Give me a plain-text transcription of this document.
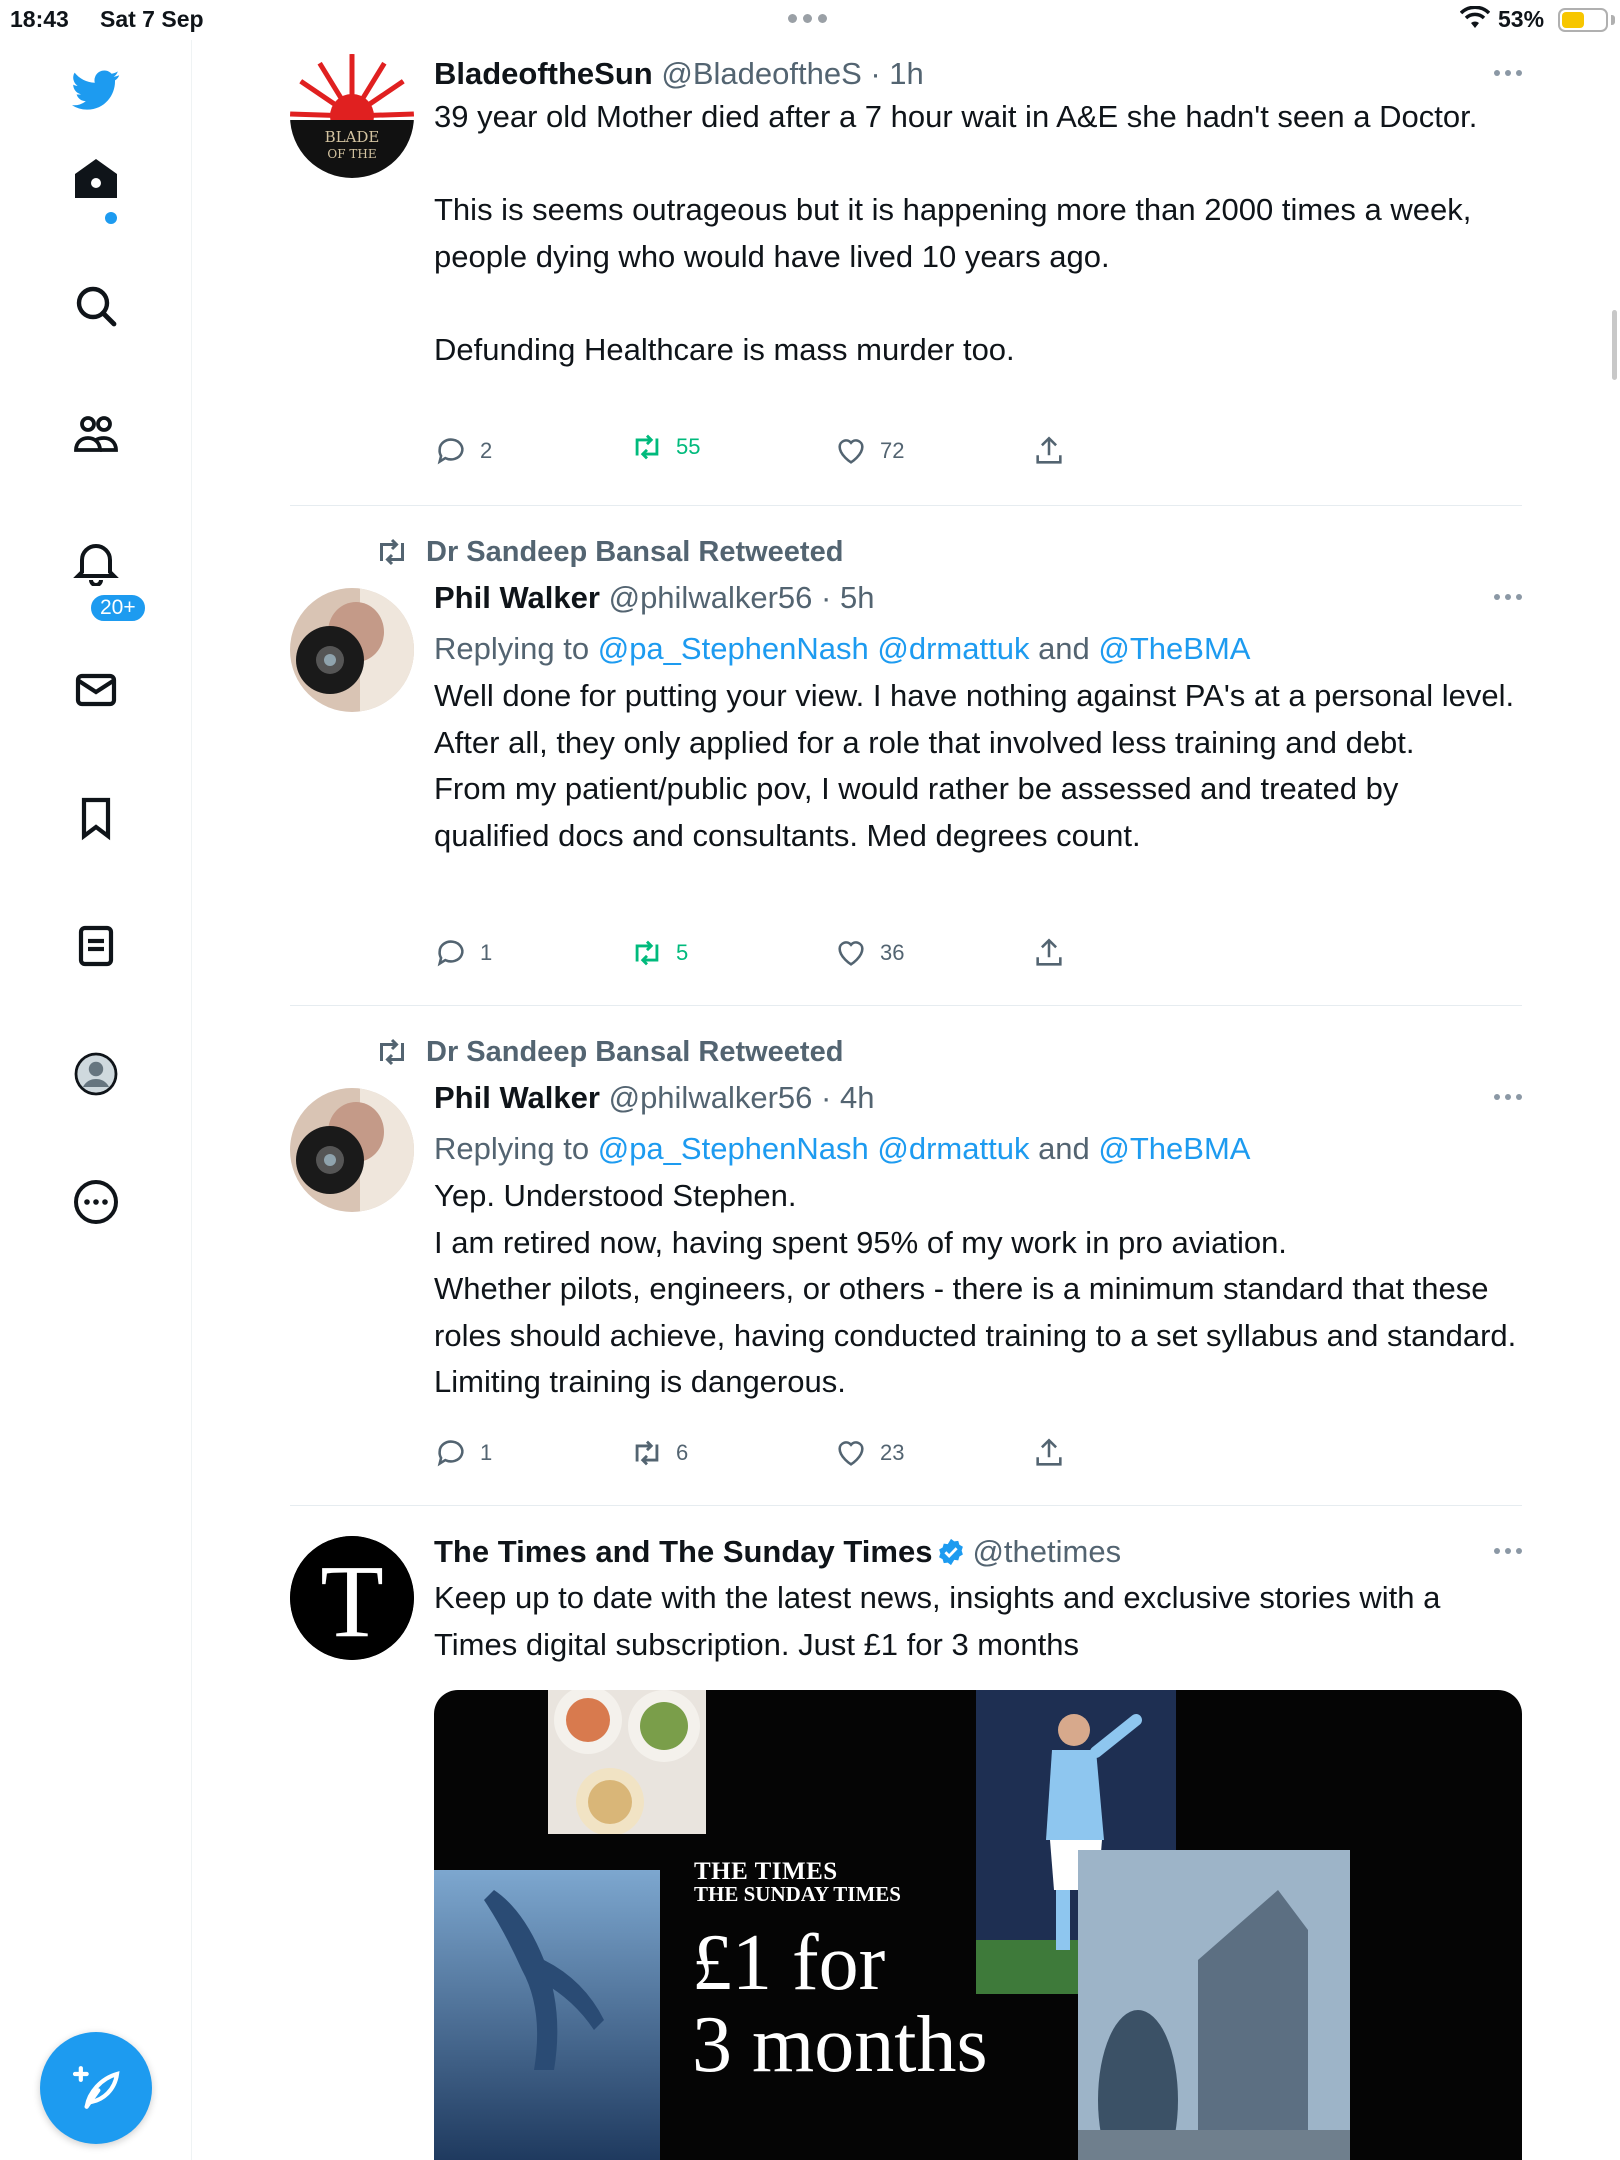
18:43 Sat 7 Sep	53%
20+
BLADE
OF THE
BladeoftheSun @BladeoftheS · 1h
39 year old Mother died after a 7 hour wait in A&E she hadn't seen a Doctor.

This is seems outrageous but it is happening more than 2000 times a week, people dying who would have lived 10 years ago.

Defunding Healthcare is mass murder too.
2	55	72
Dr Sandeep Bansal Retweeted
Phil Walker @philwalker56 · 5h
Replying to @pa_StephenNash @drmattuk and @TheBMA
Well done for putting your view. I have nothing against PA's at a personal level. After all, they only applied for a role that involved less training and debt.
From my patient/public pov, I would rather be assessed and treated by qualified docs and consultants. Med degrees count.
1	5	36
Dr Sandeep Bansal Retweeted
Phil Walker @philwalker56 · 4h
Replying to @pa_StephenNash @drmattuk and @TheBMA
Yep. Understood Stephen.
I am retired now, having spent 95% of my work in pro aviation.
Whether pilots, engineers, or others - there is a minimum standard that these roles should achieve, having conducted training to a set syllabus and standard. Limiting training is dangerous.
1	6	23
T The Times and The Sunday Times @thetimes
Keep up to date with the latest news, insights and exclusive stories with a Times digital subscription. Just £1 for 3 months
THE TIMES
THE SUNDAY TIMES
£1 for
3 months
